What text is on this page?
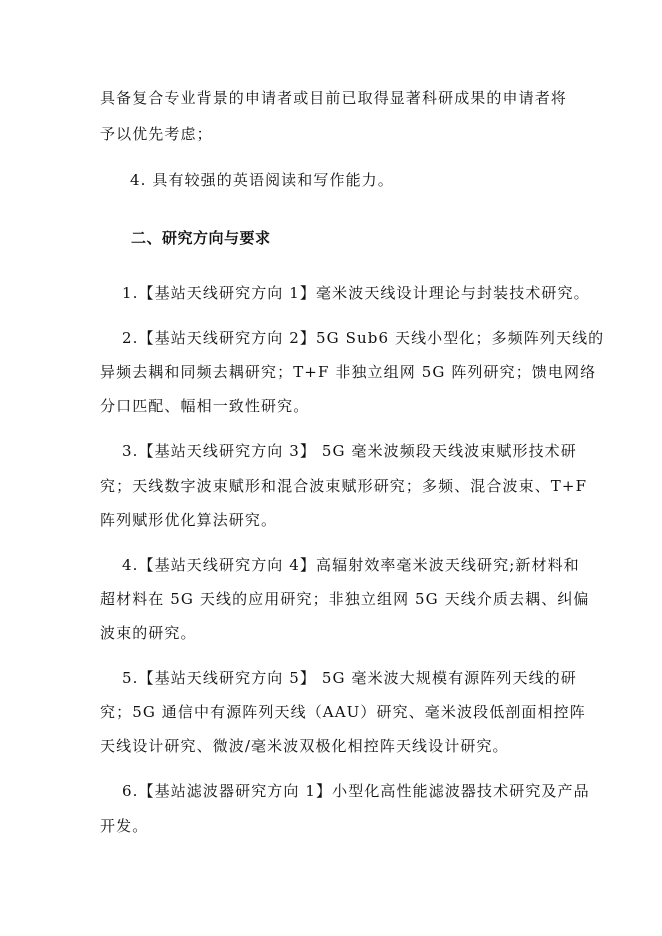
具备复合专业背景的申请者或目前已取得显著科研成果的申请者将
予以优先考虑；
4. 具有较强的英语阅读和写作能力。
二、研究方向与要求
1.【基站天线研究方向 1】毫米波天线设计理论与封装技术研究。
2.【基站天线研究方向 2】5G Sub6 天线小型化；多频阵列天线的
异频去耦和同频去耦研究；T+F 非独立组网 5G 阵列研究；馈电网络
分口匹配、幅相一致性研究。
3.【基站天线研究方向 3】 5G 毫米波频段天线波束赋形技术研
究；天线数字波束赋形和混合波束赋形研究；多频、混合波束、T+F
阵列赋形优化算法研究。
4.【基站天线研究方向 4】高辐射效率毫米波天线研究;新材料和
超材料在 5G 天线的应用研究；非独立组网 5G 天线介质去耦、纠偏
波束的研究。
5.【基站天线研究方向 5】 5G 毫米波大规模有源阵列天线的研
究；5G 通信中有源阵列天线（AAU）研究、毫米波段低剖面相控阵
天线设计研究、微波/毫米波双极化相控阵天线设计研究。
6.【基站滤波器研究方向 1】小型化高性能滤波器技术研究及产品
开发。
